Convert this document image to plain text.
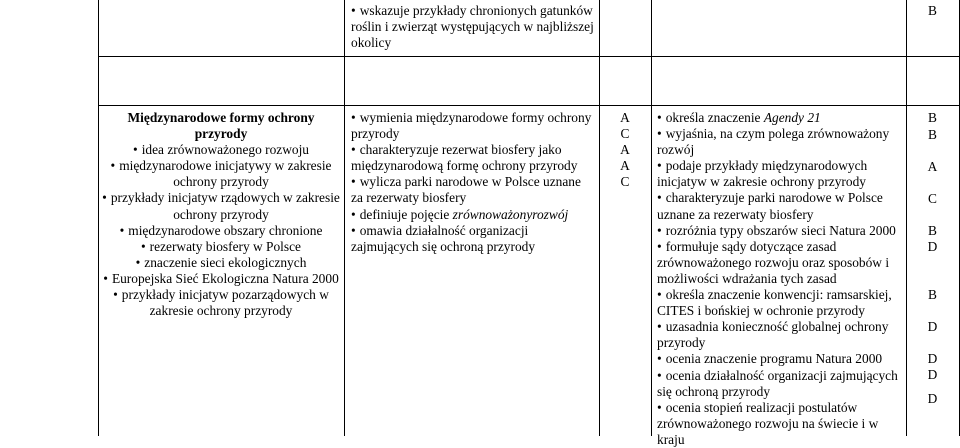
• wskazuje przykłady chronionych gatunków roślin i zwierząt występujących w najbliższej okolicy
B
Międzynarodowe formy ochrony przyrody
• idea zrównoważonego rozwoju
• międzynarodowe inicjatywy w zakresie ochrony przyrody
• przykłady inicjatyw rządowych w zakresie ochrony przyrody
• międzynarodowe obszary chronione
• rezerwaty biosfery w Polsce
• znaczenie sieci ekologicznych
• Europejska Sieć Ekologiczna Natura 2000
• przykłady inicjatyw pozarządowych w zakresie ochrony przyrody
• wymienia międzynarodowe formy ochrony przyrody
• charakteryzuje rezerwat biosfery jako międzynarodową formę ochrony przyrody
• wylicza parki narodowe w Polsce uznane za rezerwaty biosfery
• definiuje pojęcie zrównoważonyrozwój
• omawia działalność organizacji zajmujących się ochroną przyrody
A
C
A
A
C
• określa znaczenie Agendy 21
• wyjaśnia, na czym polega zrównoważony rozwój
• podaje przykłady międzynarodowych inicjatyw w zakresie ochrony przyrody
• charakteryzuje parki narodowe w Polsce uznane za rezerwaty biosfery
• rozróżnia typy obszarów sieci Natura 2000
• formułuje sądy dotyczące zasad zrównoważonego rozwoju oraz sposobów i możliwości wdrażania tych zasad
• określa znaczenie konwencji: ramsarskiej, CITES i bońskiej w ochronie przyrody
• uzasadnia konieczność globalnej ochrony przyrody
• ocenia znaczenie programu Natura 2000
• ocenia działalność organizacji zajmujących się ochroną przyrody
• ocenia stopień realizacji postulatów zrównoważonego rozwoju na świecie i w kraju
B
B
A
C
B
D
B
D
D
D
D
